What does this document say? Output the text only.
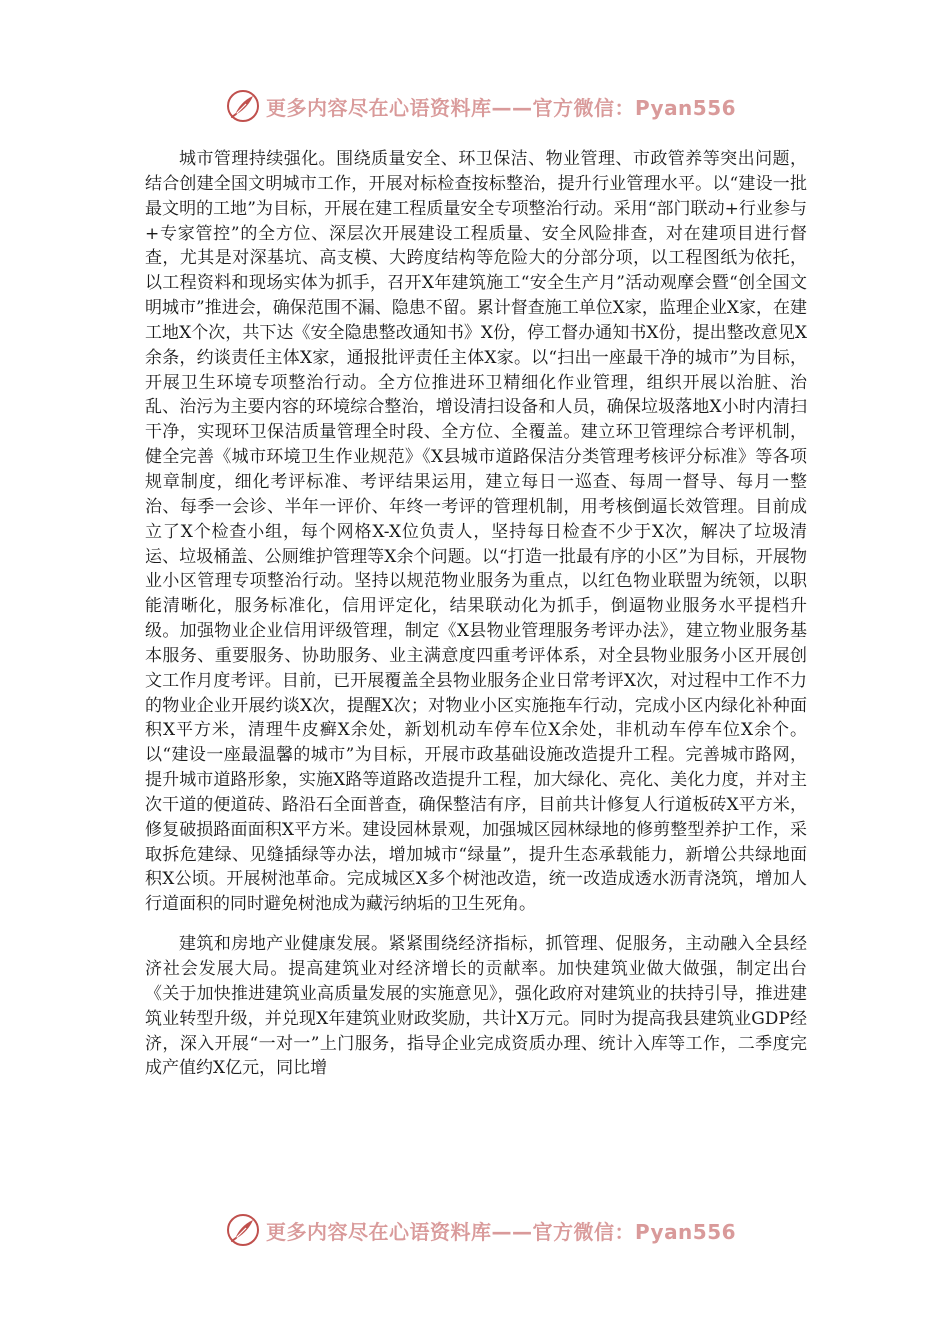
更多内容尽在心语资料库——官方微信：Pyan556

城市管理持续强化。围绕质量安全、环卫保洁、物业管理、市政管养等突出问题，结合创建全国文明城市工作，开展对标检查按标整治，提升行业管理水平。以“建设一批最文明的工地”为目标，开展在建工程质量安全专项整治行动。采用“部门联动+行业参与+专家管控”的全方位、深层次开展建设工程质量、安全风险排查，对在建项目进行督查，尤其是对深基坑、高支模、大跨度结构等危险大的分部分项，以工程图纸为依托，以工程资料和现场实体为抓手，召开X年建筑施工“安全生产月”活动观摩会暨“创全国文明城市”推进会，确保范围不漏、隐患不留。累计督查施工单位X家，监理企业X家，在建工地X个次，共下达《安全隐患整改通知书》X份，停工督办通知书X份，提出整改意见X余条，约谈责任主体X家，通报批评责任主体X家。以“扫出一座最干净的城市”为目标，开展卫生环境专项整治行动。全方位推进环卫精细化作业管理，组织开展以治脏、治乱、治污为主要内容的环境综合整治，增设清扫设备和人员，确保垃圾落地X小时内清扫干净，实现环卫保洁质量管理全时段、全方位、全覆盖。建立环卫管理综合考评机制，健全完善《城市环境卫生作业规范》《X县城市道路保洁分类管理考核评分标准》等各项规章制度，细化考评标准、考评结果运用，建立每日一巡查、每周一督导、每月一整治、每季一会诊、半年一评价、年终一考评的管理机制，用考核倒逼长效管理。目前成立了X个检查小组，每个网格X-X位负责人，坚持每日检查不少于X次，解决了垃圾清运、垃圾桶盖、公厕维护管理等X余个问题。以“打造一批最有序的小区”为目标，开展物业小区管理专项整治行动。坚持以规范物业服务为重点，以红色物业联盟为统领，以职能清晰化，服务标准化，信用评定化，结果联动化为抓手，倒逼物业服务水平提档升级。加强物业企业信用评级管理，制定《X县物业管理服务考评办法》，建立物业服务基本服务、重要服务、协助服务、业主满意度四重考评体系，对全县物业服务小区开展创文工作月度考评。目前，已开展覆盖全县物业服务企业日常考评X次，对过程中工作不力的物业企业开展约谈X次，提醒X次；对物业小区实施拖车行动，完成小区内绿化补种面积X平方米，清理牛皮癣X余处，新划机动车停车位X余处，非机动车停车位X余个。以“建设一座最温馨的城市”为目标，开展市政基础设施改造提升工程。完善城市路网，提升城市道路形象，实施X路等道路改造提升工程，加大绿化、亮化、美化力度，并对主次干道的便道砖、路沿石全面普查，确保整洁有序，目前共计修复人行道板砖X平方米，修复破损路面面积X平方米。建设园林景观，加强城区园林绿地的修剪整型养护工作，采取拆危建绿、见缝插绿等办法，增加城市“绿量”，提升生态承载能力，新增公共绿地面积X公顷。开展树池革命。完成城区X多个树池改造，统一改造成透水沥青浇筑，增加人行道面积的同时避免树池成为藏污纳垢的卫生死角。

建筑和房地产业健康发展。紧紧围绕经济指标，抓管理、促服务，主动融入全县经济社会发展大局。提高建筑业对经济增长的贡献率。加快建筑业做大做强，制定出台《关于加快推进建筑业高质量发展的实施意见》，强化政府对建筑业的扶持引导，推进建筑业转型升级，并兑现X年建筑业财政奖励，共计X万元。同时为提高我县建筑业GDP经济，深入开展“一对一”上门服务，指导企业完成资质办理、统计入库等工作，二季度完成产值约X亿元，同比增

更多内容尽在心语资料库——官方微信：Pyan556
